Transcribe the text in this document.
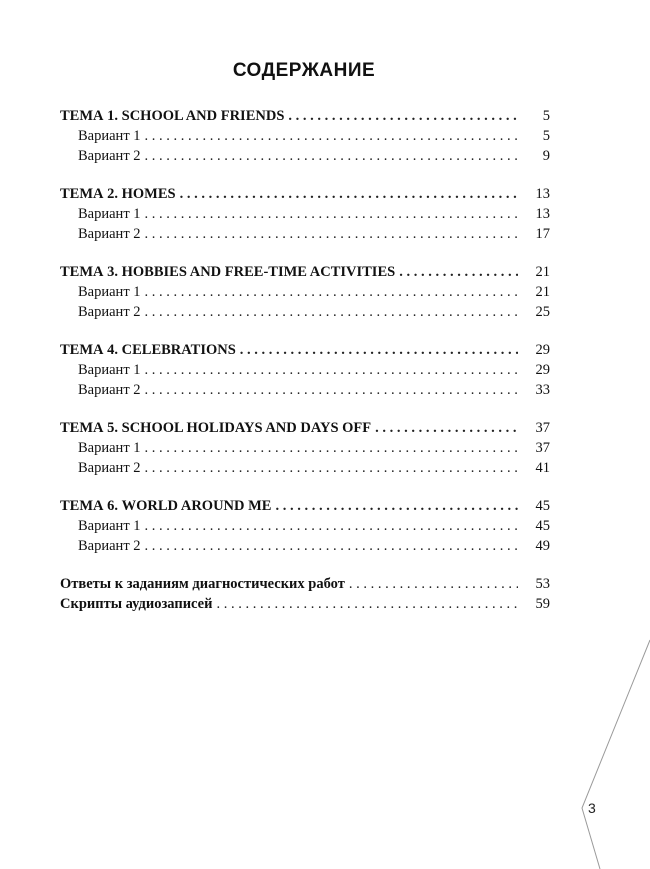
СОДЕРЖАНИЕ
ТЕМА 1. SCHOOL AND FRIENDS . . .	5
Вариант 1 . . .	5
Вариант 2 . . .	9
ТЕМА 2. HOMES . . .	13
Вариант 1 . . .	13
Вариант 2 . . .	17
ТЕМА 3. HOBBIES AND FREE-TIME ACTIVITIES . . .	21
Вариант 1 . . .	21
Вариант 2 . . .	25
ТЕМА 4. CELEBRATIONS . . .	29
Вариант 1 . . .	29
Вариант 2 . . .	33
ТЕМА 5. SCHOOL HOLIDAYS AND DAYS OFF . . .	37
Вариант 1 . . .	37
Вариант 2 . . .	41
ТЕМА 6. WORLD AROUND ME . . .	45
Вариант 1 . . .	45
Вариант 2 . . .	49
Ответы к заданиям диагностических работ . . .	53
Скрипты аудиозаписей . . .	59
3
